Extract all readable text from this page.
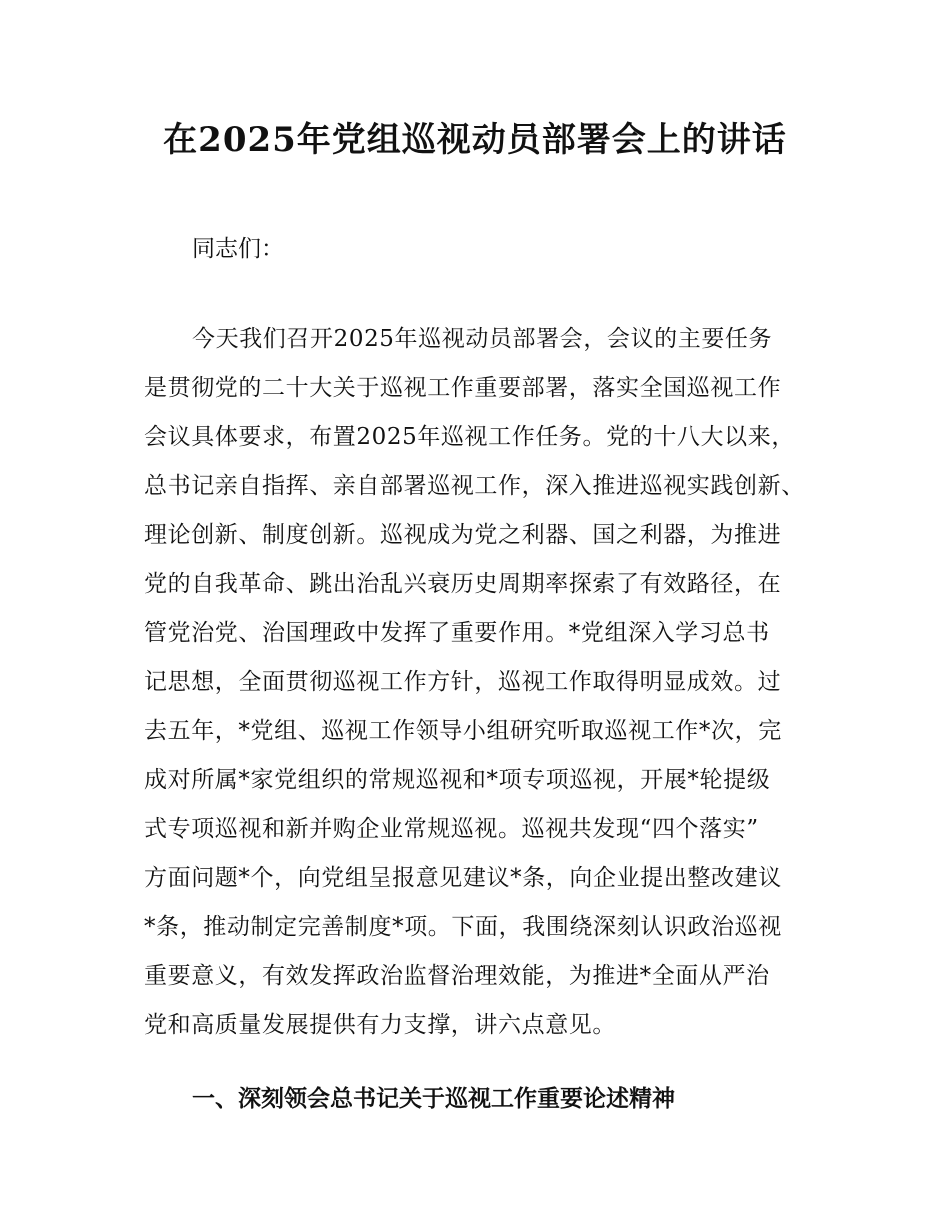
在2025年党组巡视动员部署会上的讲话
同志们：
今天我们召开2025年巡视动员部署会，会议的主要任务
是贯彻党的二十大关于巡视工作重要部署，落实全国巡视工作
会议具体要求，布置2025年巡视工作任务。党的十八大以来，
总书记亲自指挥、亲自部署巡视工作，深入推进巡视实践创新、
理论创新、制度创新。巡视成为党之利器、国之利器，为推进
党的自我革命、跳出治乱兴衰历史周期率探索了有效路径，在
管党治党、治国理政中发挥了重要作用。*党组深入学习总书
记思想，全面贯彻巡视工作方针，巡视工作取得明显成效。过
去五年，*党组、巡视工作领导小组研究听取巡视工作*次，完
成对所属*家党组织的常规巡视和*项专项巡视，开展*轮提级
式专项巡视和新并购企业常规巡视。巡视共发现“四个落实”
方面问题*个，向党组呈报意见建议*条，向企业提出整改建议
*条，推动制定完善制度*项。下面，我围绕深刻认识政治巡视
重要意义，有效发挥政治监督治理效能，为推进*全面从严治
党和高质量发展提供有力支撑，讲六点意见。
一、深刻领会总书记关于巡视工作重要论述精神
